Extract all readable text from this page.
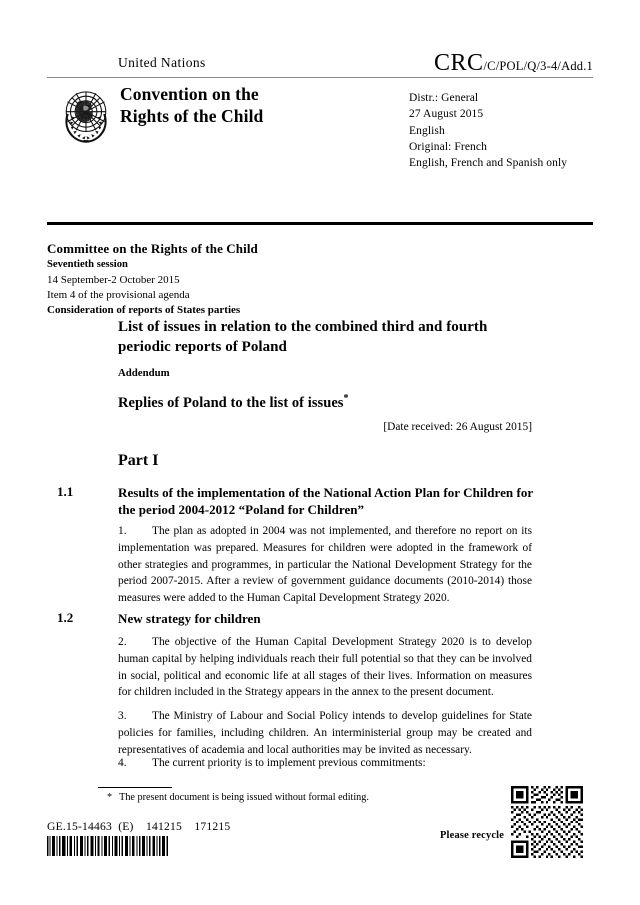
United Nations	CRC/C/POL/Q/3-4/Add.1
Convention on the
Rights of the Child
Distr.: General
27 August 2015
English
Original: French
English, French and Spanish only
Committee on the Rights of the Child
Seventieth session
14 September-2 October 2015
Item 4 of the provisional agenda
Consideration of reports of States parties
List of issues in relation to the combined third and fourth periodic reports of Poland
Addendum
Replies of Poland to the list of issues*
[Date received: 26 August 2015]
Part I
1.1	Results of the implementation of the National Action Plan for Children for the period 2004-2012 “Poland for Children”
1. The plan as adopted in 2004 was not implemented, and therefore no report on its implementation was prepared. Measures for children were adopted in the framework of other strategies and programmes, in particular the National Development Strategy for the period 2007-2015. After a review of government guidance documents (2010-2014) those measures were added to the Human Capital Development Strategy 2020.
1.2	New strategy for children
2. The objective of the Human Capital Development Strategy 2020 is to develop human capital by helping individuals reach their full potential so that they can be involved in social, political and economic life at all stages of their lives. Information on measures for children included in the Strategy appears in the annex to the present document.
3. The Ministry of Labour and Social Policy intends to develop guidelines for State policies for families, including children. An interministerial group may be created and representatives of academia and local authorities may be invited as necessary.
4. The current priority is to implement previous commitments:
* The present document is being issued without formal editing.
GE.15-14463  (E)    141215    171215
Please recycle
